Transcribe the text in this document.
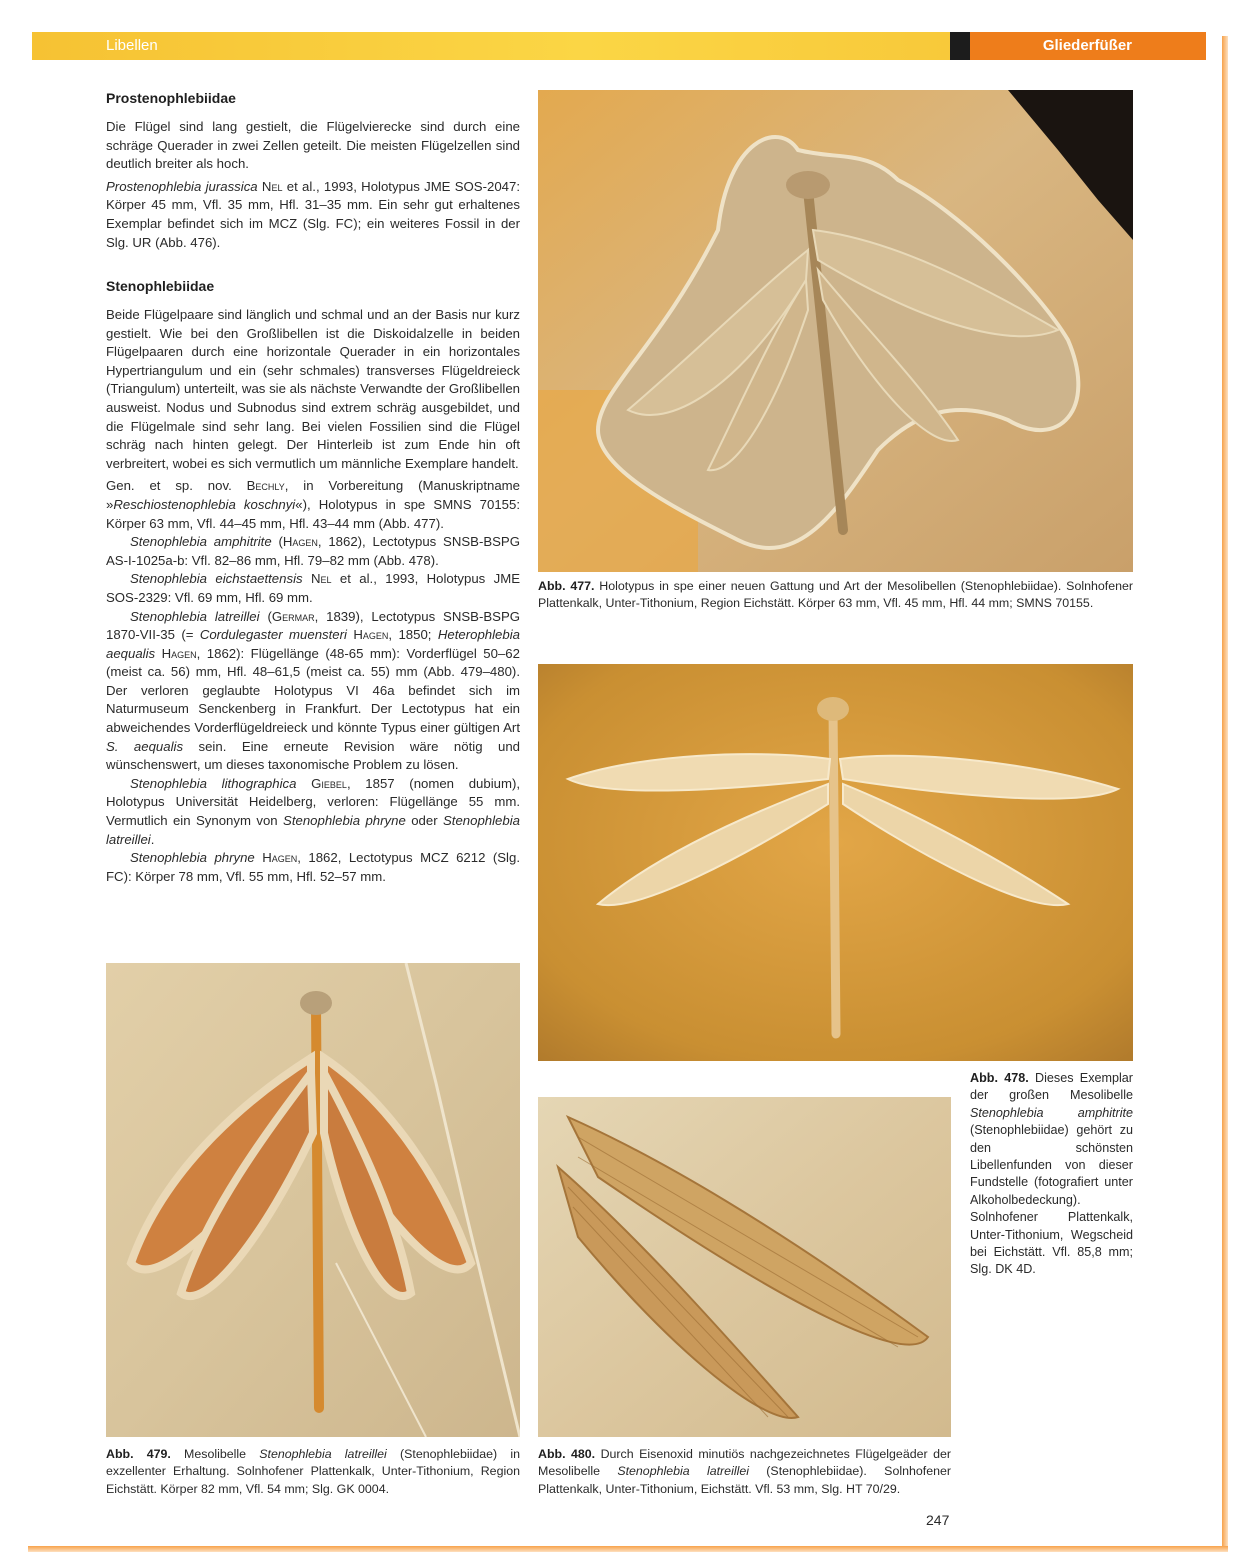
Libellen	Gliederfüßer
Prostenophlebiidae

Die Flügel sind lang gestielt, die Flügelvierecke sind durch eine schräge Querader in zwei Zellen geteilt. Die meisten Flügelzellen sind deutlich breiter als hoch.

Prostenophlebia jurassica Nel et al., 1993, Holotypus JME SOS-2047: Körper 45 mm, Vfl. 35 mm, Hfl. 31–35 mm. Ein sehr gut erhaltenes Exemplar befindet sich im MCZ (Slg. FC); ein weiteres Fossil in der Slg. UR (Abb. 476).

Stenophlebiidae

Beide Flügelpaare sind länglich und schmal und an der Basis nur kurz gestielt. Wie bei den Großlibellen ist die Diskoidalzelle in beiden Flügelpaaren durch eine horizontale Querader in ein horizontales Hypertriangulum und ein (sehr schmales) transverses Flügeldreieck (Triangulum) unterteilt, was sie als nächste Verwandte der Großlibellen ausweist. Nodus und Subnodus sind extrem schräg ausgebildet, und die Flügelmale sind sehr lang. Bei vielen Fossilien sind die Flügel schräg nach hinten gelegt. Der Hinterleib ist zum Ende hin oft verbreitert, wobei es sich vermutlich um männliche Exemplare handelt.

Gen. et sp. nov. Bechly, in Vorbereitung (Manuskriptname »Reschiostenophlebia koschnyi«), Holotypus in spe SMNS 70155: Körper 63 mm, Vfl. 44–45 mm, Hfl. 43–44 mm (Abb. 477).

Stenophlebia amphitrite (Hagen, 1862), Lectotypus SNSB-BSPG AS-I-1025a-b: Vfl. 82–86 mm, Hfl. 79–82 mm (Abb. 478).

Stenophlebia eichstaettensis Nel et al., 1993, Holotypus JME SOS-2329: Vfl. 69 mm, Hfl. 69 mm.

Stenophlebia latreillei (Germar, 1839), Lectotypus SNSB-BSPG 1870-VII-35 (= Cordulegaster muensteri Hagen, 1850; Heterophlebia aequalis Hagen, 1862): Flügellänge (48-65 mm): Vorderflügel 50–62 (meist ca. 56) mm, Hfl. 48–61,5 (meist ca. 55) mm (Abb. 479–480). Der verloren geglaubte Holotypus VI 46a befindet sich im Naturmuseum Senckenberg in Frankfurt. Der Lectotypus hat ein abweichendes Vorderflügeldreieck und könnte Typus einer gültigen Art S. aequalis sein. Eine erneute Revision wäre nötig und wünschenswert, um dieses taxonomische Problem zu lösen.

Stenophlebia lithographica Giebel, 1857 (nomen dubium), Holotypus Universität Heidelberg, verloren: Flügellänge 55 mm. Vermutlich ein Synonym von Stenophlebia phryne oder Stenophlebia latreillei.

Stenophlebia phryne Hagen, 1862, Lectotypus MCZ 6212 (Slg. FC): Körper 78 mm, Vfl. 55 mm, Hfl. 52–57 mm.

Abb. 477. Holotypus in spe einer neuen Gattung und Art der Mesolibellen (Stenophlebiidae). Solnhofener Plattenkalk, Unter-Tithonium, Region Eichstätt. Körper 63 mm, Vfl. 45 mm, Hfl. 44 mm; SMNS 70155.
Abb. 478. Dieses Exemplar der großen Mesolibelle Stenophlebia amphitrite (Stenophlebiidae) gehört zu den schönsten Libellenfunden von dieser Fundstelle (fotografiert unter Alkoholbedeckung). Solnhofener Plattenkalk, Unter-Tithonium, Wegscheid bei Eichstätt. Vfl. 85,8 mm; Slg. DK 4D.
Abb. 479. Mesolibelle Stenophlebia latreillei (Stenophlebiidae) in exzellenter Erhaltung. Solnhofener Plattenkalk, Unter-Tithonium, Region Eichstätt. Körper 82 mm, Vfl. 54 mm; Slg. GK 0004.
Abb. 480. Durch Eisenoxid minutiös nachgezeichnetes Flügelgeäder der Mesolibelle Stenophlebia latreillei (Stenophlebiidae). Solnhofener Plattenkalk, Unter-Tithonium, Eichstätt. Vfl. 53 mm, Slg. HT 70/29.
247
